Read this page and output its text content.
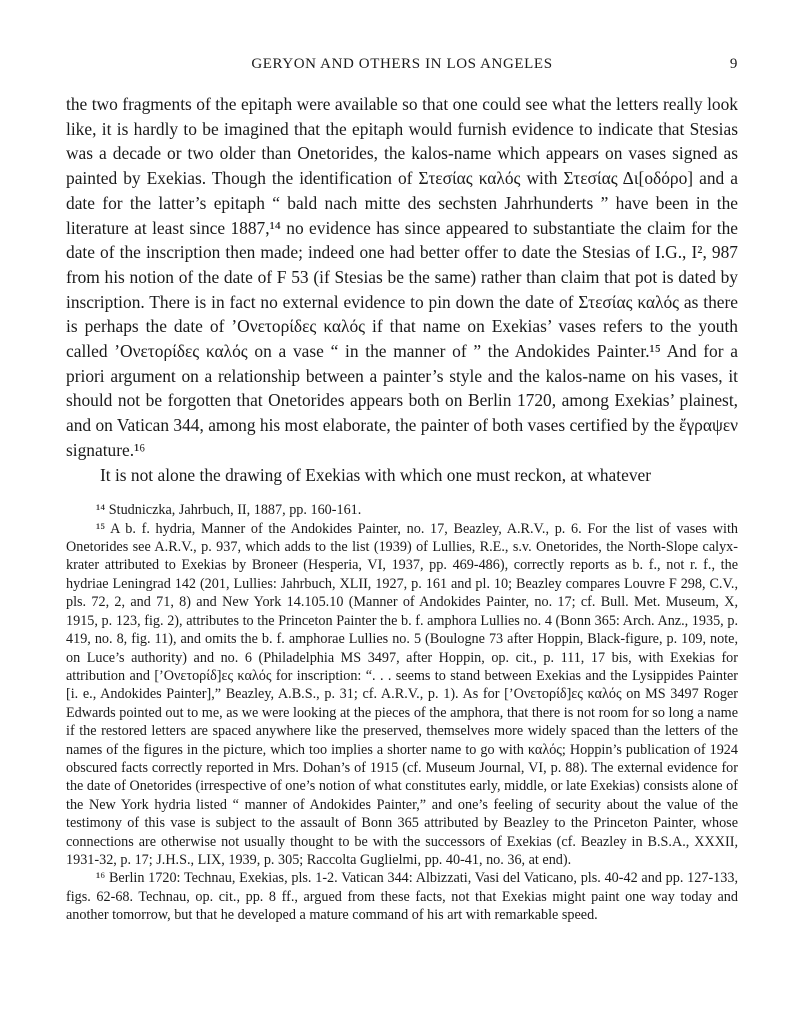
GERYON AND OTHERS IN LOS ANGELES	9

the two fragments of the epitaph were available so that one could see what the letters really look like, it is hardly to be imagined that the epitaph would furnish evidence to indicate that Stesias was a decade or two older than Onetorides, the kalos-name which appears on vases signed as painted by Exekias. Though the identification of Στεσίας καλός with Στεσίας Δι[οδόρο] and a date for the latter’s epitaph “ bald nach mitte des sechsten Jahrhunderts ” have been in the literature at least since 1887,¹⁴ no evidence has since appeared to substantiate the claim for the date of the inscription then made; indeed one had better offer to date the Stesias of I.G., I², 987 from his notion of the date of F 53 (if Stesias be the same) rather than claim that pot is dated by inscription. There is in fact no external evidence to pin down the date of Στεσίας καλός as there is perhaps the date of ’Ονετορίδες καλός if that name on Exekias’ vases refers to the youth called ’Ονετορίδες καλός on a vase “ in the manner of ” the Andokides Painter.¹⁵ And for a priori argument on a relationship between a painter’s style and the kalos-name on his vases, it should not be forgotten that Onetorides appears both on Berlin 1720, among Exekias’ plainest, and on Vatican 344, among his most elaborate, the painter of both vases certified by the ἔγραψεν signature.¹⁶

It is not alone the drawing of Exekias with which one must reckon, at whatever

¹⁴ Studniczka, Jahrbuch, II, 1887, pp. 160-161.

¹⁵ A b. f. hydria, Manner of the Andokides Painter, no. 17, Beazley, A.R.V., p. 6. For the list of vases with Onetorides see A.R.V., p. 937, which adds to the list (1939) of Lullies, R.E., s.v. Onetorides, the North-Slope calyx-krater attributed to Exekias by Broneer (Hesperia, VI, 1937, pp. 469-486), correctly reports as b. f., not r. f., the hydriae Leningrad 142 (201, Lullies: Jahrbuch, XLII, 1927, p. 161 and pl. 10; Beazley compares Louvre F 298, C.V., pls. 72, 2, and 71, 8) and New York 14.105.10 (Manner of Andokides Painter, no. 17; cf. Bull. Met. Museum, X, 1915, p. 123, fig. 2), attributes to the Princeton Painter the b. f. amphora Lullies no. 4 (Bonn 365: Arch. Anz., 1935, p. 419, no. 8, fig. 11), and omits the b. f. amphorae Lullies no. 5 (Boulogne 73 after Hoppin, Black-figure, p. 109, note, on Luce’s authority) and no. 6 (Philadelphia MS 3497, after Hoppin, op. cit., p. 111, 17 bis, with Exekias for attribution and [’Ονετορίδ]ες καλός for inscription: “. . . seems to stand between Exekias and the Lysippides Painter [i. e., Andokides Painter],” Beazley, A.B.S., p. 31; cf. A.R.V., p. 1). As for [’Ονετορίδ]ες καλός on MS 3497 Roger Edwards pointed out to me, as we were looking at the pieces of the amphora, that there is not room for so long a name if the restored letters are spaced anywhere like the preserved, themselves more widely spaced than the letters of the names of the figures in the picture, which too implies a shorter name to go with καλός; Hoppin’s publication of 1924 obscured facts correctly reported in Mrs. Dohan’s of 1915 (cf. Museum Journal, VI, p. 88). The external evidence for the date of Onetorides (irrespective of one’s notion of what constitutes early, middle, or late Exekias) consists alone of the New York hydria listed “ manner of Andokides Painter,” and one’s feeling of security about the value of the testimony of this vase is subject to the assault of Bonn 365 attributed by Beazley to the Princeton Painter, whose connections are otherwise not usually thought to be with the successors of Exekias (cf. Beazley in B.S.A., XXXII, 1931-32, p. 17; J.H.S., LIX, 1939, p. 305; Raccolta Guglielmi, pp. 40-41, no. 36, at end).

¹⁶ Berlin 1720: Technau, Exekias, pls. 1-2. Vatican 344: Albizzati, Vasi del Vaticano, pls. 40-42 and pp. 127-133, figs. 62-68. Technau, op. cit., pp. 8 ff., argued from these facts, not that Exekias might paint one way today and another tomorrow, but that he developed a mature command of his art with remarkable speed.
